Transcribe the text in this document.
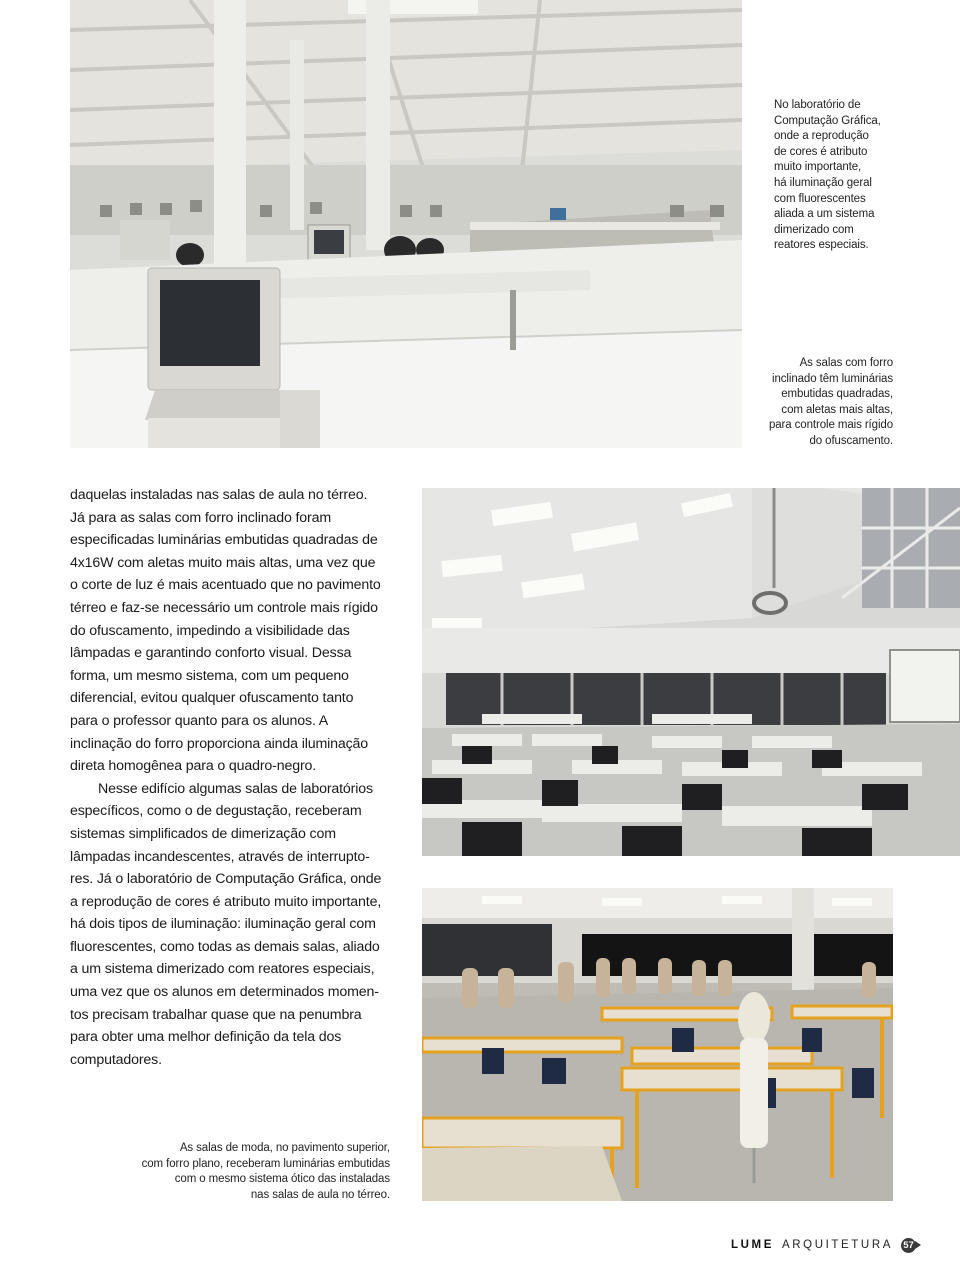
No laboratório de
Computação Gráfica,
onde a reprodução
de cores é atributo
muito importante,
há iluminação geral
com fluorescentes
aliada a um sistema
dimerizado com
reatores especiais.
As salas com forro
inclinado têm luminárias
embutidas quadradas,
com aletas mais altas,
para controle mais rígido
do ofuscamento.

daquelas instaladas nas salas de aula no térreo.
Já para as salas com forro inclinado foram
especificadas luminárias embutidas quadradas de
4x16W com aletas muito mais altas, uma vez que
o corte de luz é mais acentuado que no pavimento
térreo e faz-se necessário um controle mais rígido
do ofuscamento, impedindo a visibilidade das
lâmpadas e garantindo conforto visual. Dessa
forma, um mesmo sistema, com um pequeno
diferencial, evitou qualquer ofuscamento tanto
para o professor quanto para os alunos. A
inclinação do forro proporciona ainda iluminação
direta homogênea para o quadro-negro.

Nesse edifício algumas salas de laboratórios

específicos, como o de degustação, receberam
sistemas simplificados de dimerização com
lâmpadas incandescentes, através de interrupto-
res. Já o laboratório de Computação Gráfica, onde
a reprodução de cores é atributo muito importante,
há dois tipos de iluminação: iluminação geral com
fluorescentes, como todas as demais salas, aliado
a um sistema dimerizado com reatores especiais,
uma vez que os alunos em determinados momen-
tos precisam trabalhar quase que na penumbra
para obter uma melhor definição da tela dos
computadores.

As salas de moda, no pavimento superior,
com forro plano, receberam luminárias embutidas
com o mesmo sistema ótico das instaladas
nas salas de aula no térreo.
LUME ARQUITETURA 57
